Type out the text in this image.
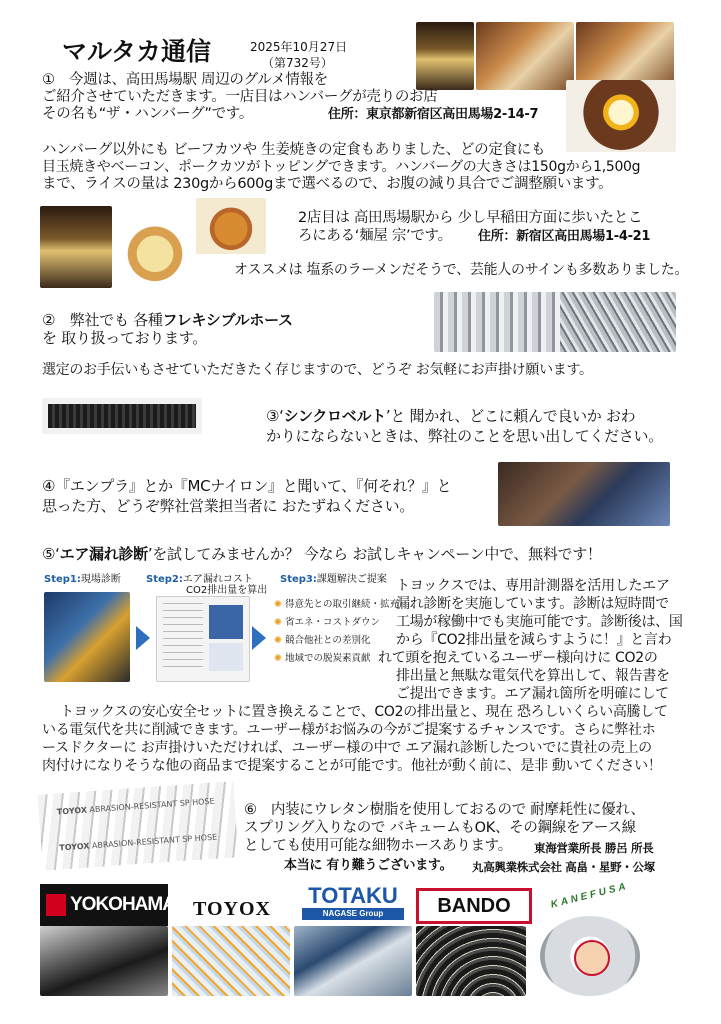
マルタカ通信	2025年10月27日
（第732号）
①　今週は、高田馬場駅 周辺のグルメ情報を
ご紹介させていただきます。一店目はハンバーグが売りのお店
その名も“ザ・ハンバーグ”です。	住所：東京都新宿区高田馬場2-14-7
ハンバーグ以外にも ビーフカツや 生姜焼きの定食もありました、どの定食にも
目玉焼きやベーコン、ポークカツがトッピングできます。ハンバーグの大きさは150gから1,500g
まで、ライスの量は 230gから600gまで選べるので、お腹の減り具合でご調整願います。
2店目は 高田馬場駅から 少し早稲田方面に歩いたとこ
ろにある‘麺屋 宗’です。 住所：新宿区高田馬場1-4-21
オススメは 塩系のラーメンだそうで、芸能人のサインも多数ありました。
②　弊社でも 各種フレキシブルホース
を 取り扱っております。
選定のお手伝いもさせていただきたく存じますので、どうぞ お気軽にお声掛け願います。
③‘シンクロベルト’と 聞かれ、どこに頼んで良いか おわ
かりにならないときは、弊社のことを思い出してください。
④『エンプラ』とか『MCナイロン』と聞いて、『何それ？』と
思った方、どうぞ弊社営業担当者に おたずねください。
⑤‘エア漏れ診断’を試してみませんか？ 今なら お試しキャンペーン中で、無料です！
Step1:現場診断	Step2:エア漏れコスト
CO2排出量を算出
Step3:課題解決ご提案
✺ 得意先との取引継続・拡充
✺ 省エネ・コストダウン
✺ 競合他社との差別化
✺ 地域での脱炭素貢献
トヨックスでは、専用計測器を活用したエア
漏れ診断を実施しています。診断は短時間で
工場が稼働中でも実施可能です。診断後は、国
から『CO2排出量を減らすように！』と言わ
れて頭を抱えているユーザー様向けに CO2の
排出量と無駄な電気代を算出して、報告書を
ご提出できます。エア漏れ箇所を明確にして
トヨックスの安心安全セットに置き換えることで、CO2の排出量と、現在 恐ろしいくらい高騰して
いる電気代を共に削減できます。ユーザー様がお悩みの今がご提案するチャンスです。さらに弊社ホ
ースドクターに お声掛けいただければ、ユーザー様の中で エア漏れ診断したついでに貴社の売上の
肉付けになりそうな他の商品まで提案することが可能です。他社が動く前に、是非 動いてください！
TOYOX ABRASION-RESISTANT SP HOSE
TOYOX ABRASION-RESISTANT SP HOSE
⑥　内装にウレタン樹脂を使用しておるので 耐摩耗性に優れ、
スプリング入りなので バキュームもOK、その鋼線をアース線
としても使用可能な細物ホースあります。 東海営業所長 勝呂 所長
本当に 有り難うございます。 丸高興業株式会社 高畠・星野・公塚
YOKOHAMA TOYOX
TOTAKU
NAGASE Group	BANDO	KANEFUSA
